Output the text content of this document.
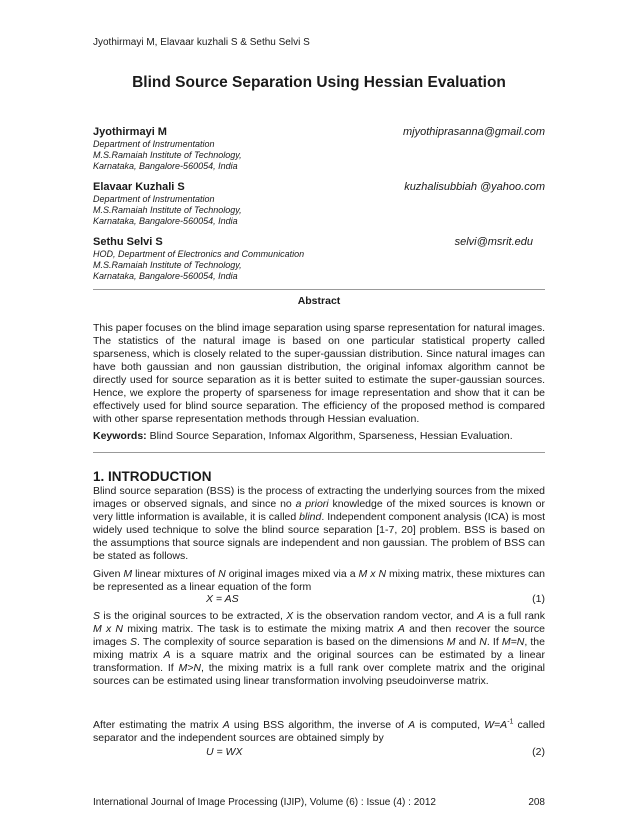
Jyothirmayi M, Elavaar kuzhali S & Sethu Selvi S
Blind Source Separation Using Hessian Evaluation
Jyothirmayi M	mjyothiprasanna@gmail.com
Department of Instrumentation
M.S.Ramaiah Institute of Technology,
Karnataka, Bangalore-560054, India
Elavaar Kuzhali S	kuzhalisubbiah @yahoo.com
Department of Instrumentation
M.S.Ramaiah Institute of Technology,
Karnataka, Bangalore-560054, India
Sethu Selvi S	selvi@msrit.edu
HOD, Department of Electronics and Communication
M.S.Ramaiah Institute of Technology,
Karnataka, Bangalore-560054, India
Abstract

This paper focuses on the blind image separation using sparse representation for natural images. The statistics of the natural image is based on one particular statistical property called sparseness, which is closely related to the super-gaussian distribution. Since natural images can have both gaussian and non gaussian distribution, the original infomax algorithm cannot be directly used for source separation as it is better suited to estimate the super-gaussian sources. Hence, we explore the property of sparseness for image representation and show that it can be effectively used for blind source separation. The efficiency of the proposed method is compared with other sparse representation methods through Hessian evaluation.

Keywords: Blind Source Separation, Infomax Algorithm, Sparseness, Hessian Evaluation.
1. INTRODUCTION

Blind source separation (BSS) is the process of extracting the underlying sources from the mixed images or observed signals, and since no a priori knowledge of the mixed sources is known or very little information is available, it is called blind. Independent component analysis (ICA) is most widely used technique to solve the blind source separation [1-7, 20] problem. BSS is based on the assumptions that source signals are independent and non gaussian. The problem of BSS can be stated as follows.

Given M linear mixtures of N original images mixed via a M x N mixing matrix, these mixtures can be represented as a linear equation of the form

X = AS	(1)

S is the original sources to be extracted, X is the observation random vector, and A is a full rank M x N mixing matrix. The task is to estimate the mixing matrix A and then recover the source images S. The complexity of source separation is based on the dimensions M and N. If M=N, the mixing matrix A is a square matrix and the original sources can be estimated by a linear transformation. If M>N, the mixing matrix is a full rank over complete matrix and the original sources can be estimated using linear transformation involving pseudoinverse matrix.

After estimating the matrix A using BSS algorithm, the inverse of A is computed, $W=A^{-1}$ called separator and the independent sources are obtained simply by

U = WX	(2)
International Journal of Image Processing (IJIP), Volume (6) : Issue (4) : 2012	208
